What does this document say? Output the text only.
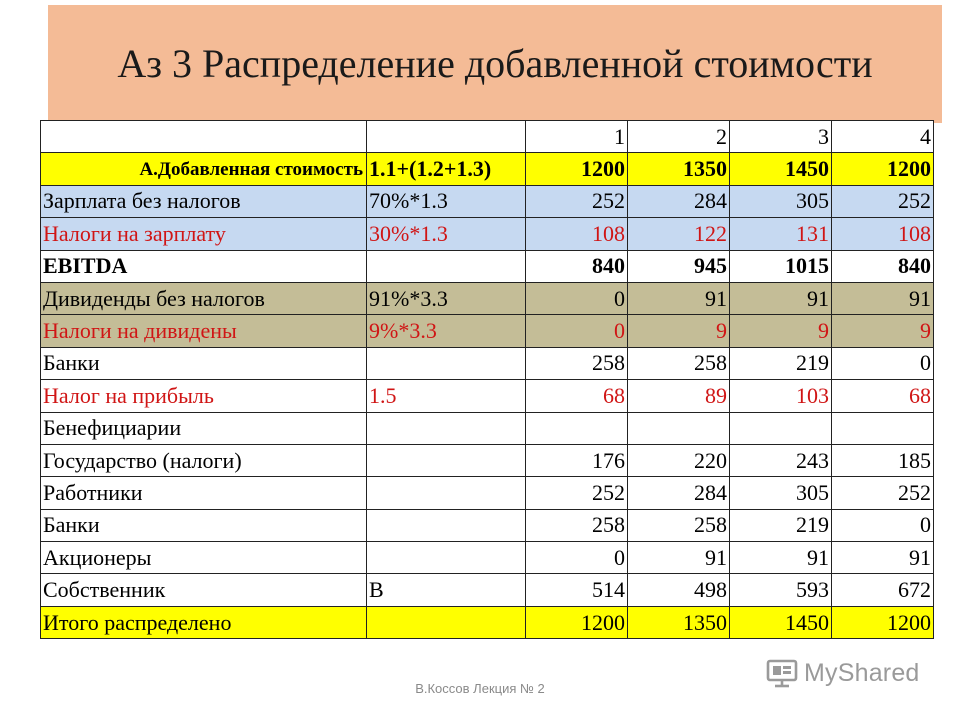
Аз 3 Распределение добавленной стоимости
		1	2	3	4
А.Добавленная стоимость	1.1+(1.2+1.3)	1200	1350	1450	1200
Зарплата без налогов	70%*1.3	252	284	305	252
Налоги на зарплату	30%*1.3	108	122	131	108
EBITDA		840	945	1015	840
Дивиденды без налогов	91%*3.3	0	91	91	91
Налоги на дивидены	9%*3.3	0	9	9	9
Банки		258	258	219	0
Налог на прибыль	1.5	68	89	103	68
Бенефициарии					
Государство (налоги)		176	220	243	185
Работники		252	284	305	252
Банки		258	258	219	0
Акционеры		0	91	91	91
Собственник	В	514	498	593	672
Итого распределено		1200	1350	1450	1200
В.Коссов Лекция № 2
MyShared
